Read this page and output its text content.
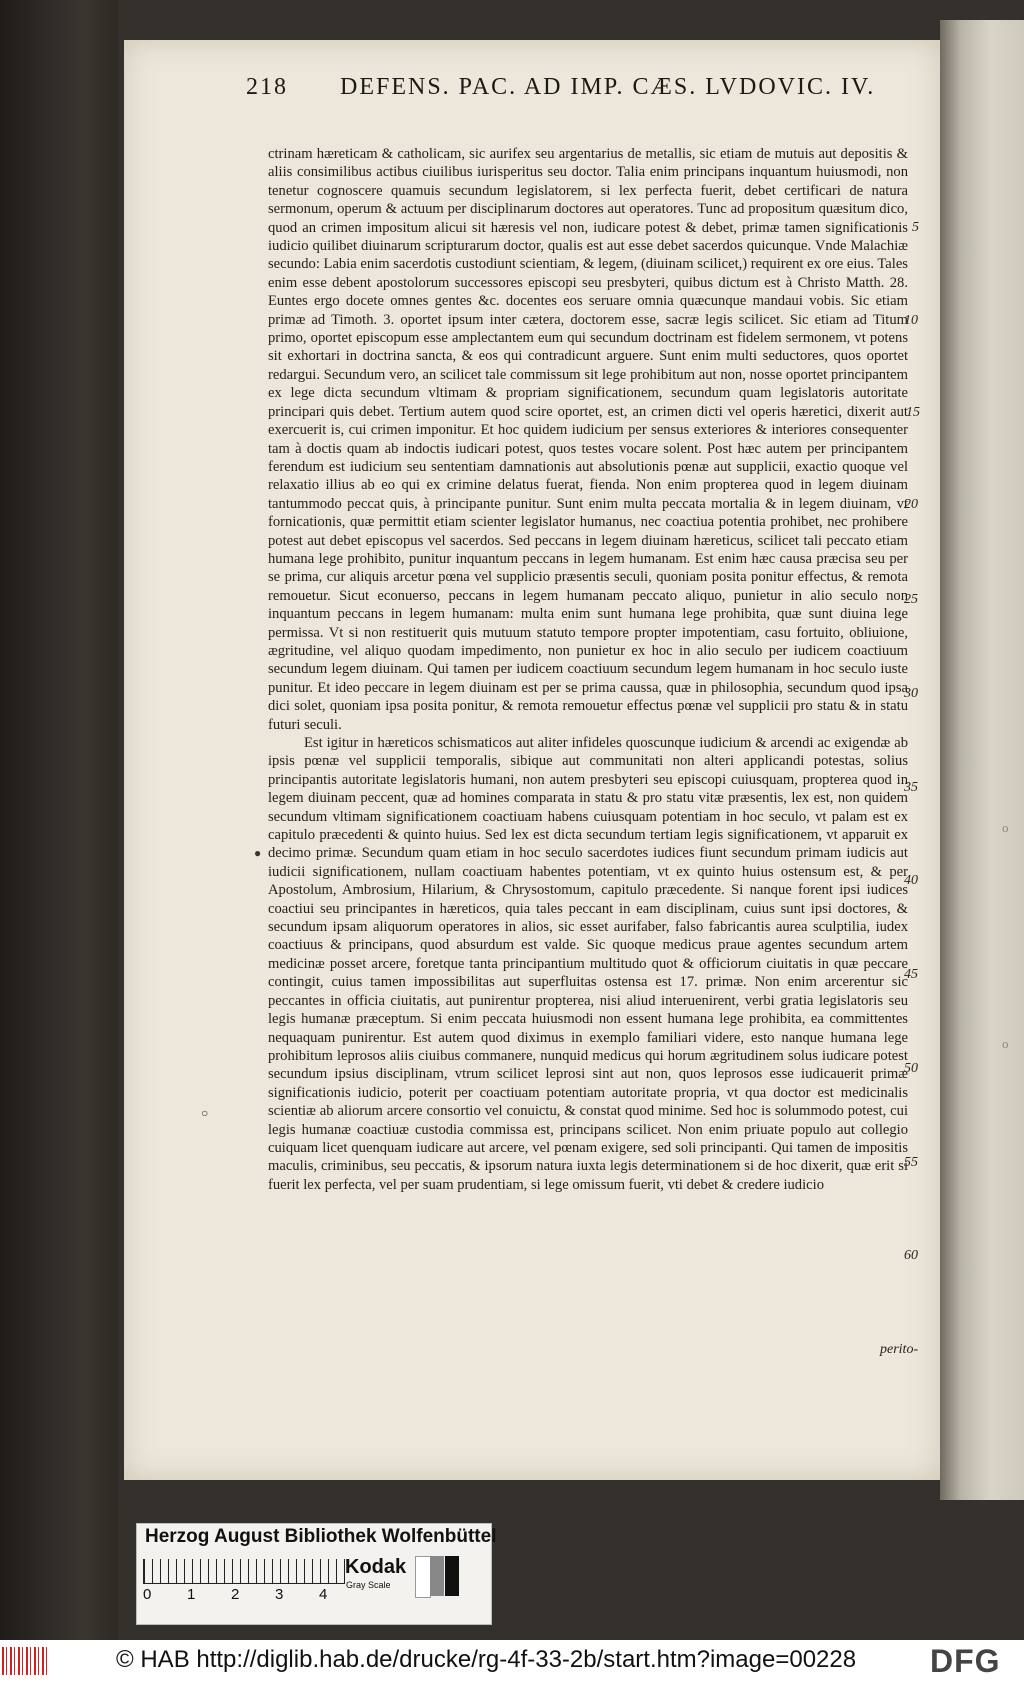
o
o
218 DEFENS. PAC. AD IMP. CÆS. LVDOVIC. IV.

ctrinam hæreticam & catholicam, sic aurifex seu argentarius de metallis, sic etiam de mutuis aut depositis & aliis consimilibus actibus ciuilibus iurisperitus seu doctor. Talia enim principans inquantum huiusmodi, non tenetur cognoscere quamuis secundum legislatorem, si lex perfecta fuerit, debet certificari de natura sermonum, operum & actuum per disciplinarum doctores aut operatores. Tunc ad propositum quæsitum dico, quod an crimen impositum alicui sit hæresis vel non, iudicare potest & debet, primæ tamen significationis iudicio quilibet diuinarum scripturarum doctor, qualis est aut esse debet sacerdos quicunque. Vnde Malachiæ secundo: Labia enim sacerdotis custodiunt scientiam, & legem, (diuinam scilicet,) requirent ex ore eius. Tales enim esse debent apostolorum successores episcopi seu presbyteri, quibus dictum est à Christo Matth. 28. Euntes ergo docete omnes gentes &c. docentes eos seruare omnia quæcunque mandaui vobis. Sic etiam primæ ad Timoth. 3. oportet ipsum inter cætera, doctorem esse, sacræ legis scilicet. Sic etiam ad Titum primo, oportet episcopum esse amplectantem eum qui secundum doctrinam est fidelem sermonem, vt potens sit exhortari in doctrina sancta, & eos qui contradicunt arguere. Sunt enim multi seductores, quos oportet redargui. Secundum vero, an scilicet tale commissum sit lege prohibitum aut non, nosse oportet principantem ex lege dicta secundum vltimam & propriam significationem, secundum quam legislatoris autoritate principari quis debet. Tertium autem quod scire oportet, est, an crimen dicti vel operis hæretici, dixerit aut exercuerit is, cui crimen imponitur. Et hoc quidem iudicium per sensus exteriores & interiores consequenter tam à doctis quam ab indoctis iudicari potest, quos testes vocare solent. Post hæc autem per principantem ferendum est iudicium seu sententiam damnationis aut absolutionis pœnæ aut supplicii, exactio quoque vel relaxatio illius ab eo qui ex crimine delatus fuerat, fienda. Non enim propterea quod in legem diuinam tantummodo peccat quis, à principante punitur. Sunt enim multa peccata mortalia & in legem diuinam, vt fornicationis, quæ permittit etiam scienter legislator humanus, nec coactiua potentia prohibet, nec prohibere potest aut debet episcopus vel sacerdos. Sed peccans in legem diuinam hæreticus, scilicet tali peccato etiam humana lege prohibito, punitur inquantum peccans in legem humanam. Est enim hæc causa præcisa seu per se prima, cur aliquis arcetur pœna vel supplicio præsentis seculi, quoniam posita ponitur effectus, & remota remouetur. Sicut econuerso, peccans in legem humanam peccato aliquo, punietur in alio seculo non inquantum peccans in legem humanam: multa enim sunt humana lege prohibita, quæ sunt diuina lege permissa. Vt si non restituerit quis mutuum statuto tempore propter impotentiam, casu fortuito, obliuione, ægritudine, vel aliquo quodam impedimento, non punietur ex hoc in alio seculo per iudicem coactiuum secundum legem diuinam. Qui tamen per iudicem coactiuum secundum legem humanam in hoc seculo iuste punitur. Et ideo peccare in legem diuinam est per se prima caussa, quæ in philosophia, secundum quod ipsa dici solet, quoniam ipsa posita ponitur, & remota remouetur effectus pœnæ vel supplicii pro statu & in statu futuri seculi.

Est igitur in hæreticos schismaticos aut aliter infideles quoscunque iudicium & arcendi ac exigendæ ab ipsis pœnæ vel supplicii temporalis, sibique aut communitati non alteri applicandi potestas, solius principantis autoritate legislatoris humani, non autem presbyteri seu episcopi cuiusquam, propterea quod in legem diuinam peccent, quæ ad homines comparata in statu & pro statu vitæ præsentis, lex est, non quidem secundum vltimam significationem coactiuam habens cuiusquam potentiam in hoc seculo, vt palam est ex capitulo præcedenti & quinto huius. Sed lex est dicta secundum tertiam legis significationem, vt apparuit ex decimo primæ. Secundum quam etiam in hoc seculo sacerdotes iudices fiunt secundum primam iudicis aut iudicii significationem, nullam coactiuam habentes potentiam, vt ex quinto huius ostensum est, & per Apostolum, Ambrosium, Hilarium, & Chrysostomum, capitulo præcedente. Si nanque forent ipsi iudices coactiui seu principantes in hæreticos, quia tales peccant in eam disciplinam, cuius sunt ipsi doctores, & secundum ipsam aliquorum operatores in alios, sic esset aurifaber, falso fabricantis aurea sculptilia, iudex coactiuus & principans, quod absurdum est valde. Sic quoque medicus praue agentes secundum artem medicinæ posset arcere, foretque tanta principantium multitudo quot & officiorum ciuitatis in quæ peccare contingit, cuius tamen impossibilitas aut superfluitas ostensa est 17. primæ. Non enim arcerentur sic peccantes in officia ciuitatis, aut punirentur propterea, nisi aliud interuenirent, verbi gratia legislatoris seu legis humanæ præceptum. Si enim peccata huiusmodi non essent humana lege prohibita, ea committentes nequaquam punirentur. Est autem quod diximus in exemplo familiari videre, esto nanque humana lege prohibitum leprosos aliis ciuibus commanere, nunquid medicus qui horum ægritudinem solus iudicare potest secundum ipsius disciplinam, vtrum scilicet leprosi sint aut non, quos leprosos esse iudicauerit primæ significationis iudicio, poterit per coactiuam potentiam autoritate propria, vt qua doctor est medicinalis scientiæ ab aliorum arcere consortio vel conuictu, & constat quod minime. Sed hoc is solummodo potest, cui legis humanæ coactiuæ custodia commissa est, principans scilicet. Non enim priuate populo aut collegio cuiquam licet quenquam iudicare aut arcere, vel pœnam exigere, sed soli principanti. Qui tamen de impositis maculis, criminibus, seu peccatis, & ipsorum natura iuxta legis determinationem si de hoc dixerit, quæ erit si fuerit lex perfecta, vel per suam prudentiam, si lege omissum fuerit, vti debet & credere iudicio

5
10
15
20
25
30
35
40
45
50
55
60
●
○
perito-
Herzog August Bibliothek Wolfenbüttel
0 1 2 3 4
Kodak
Gray Scale
© HAB http://diglib.hab.de/drucke/rg-4f-33-2b/start.htm?image=00228 DFG
